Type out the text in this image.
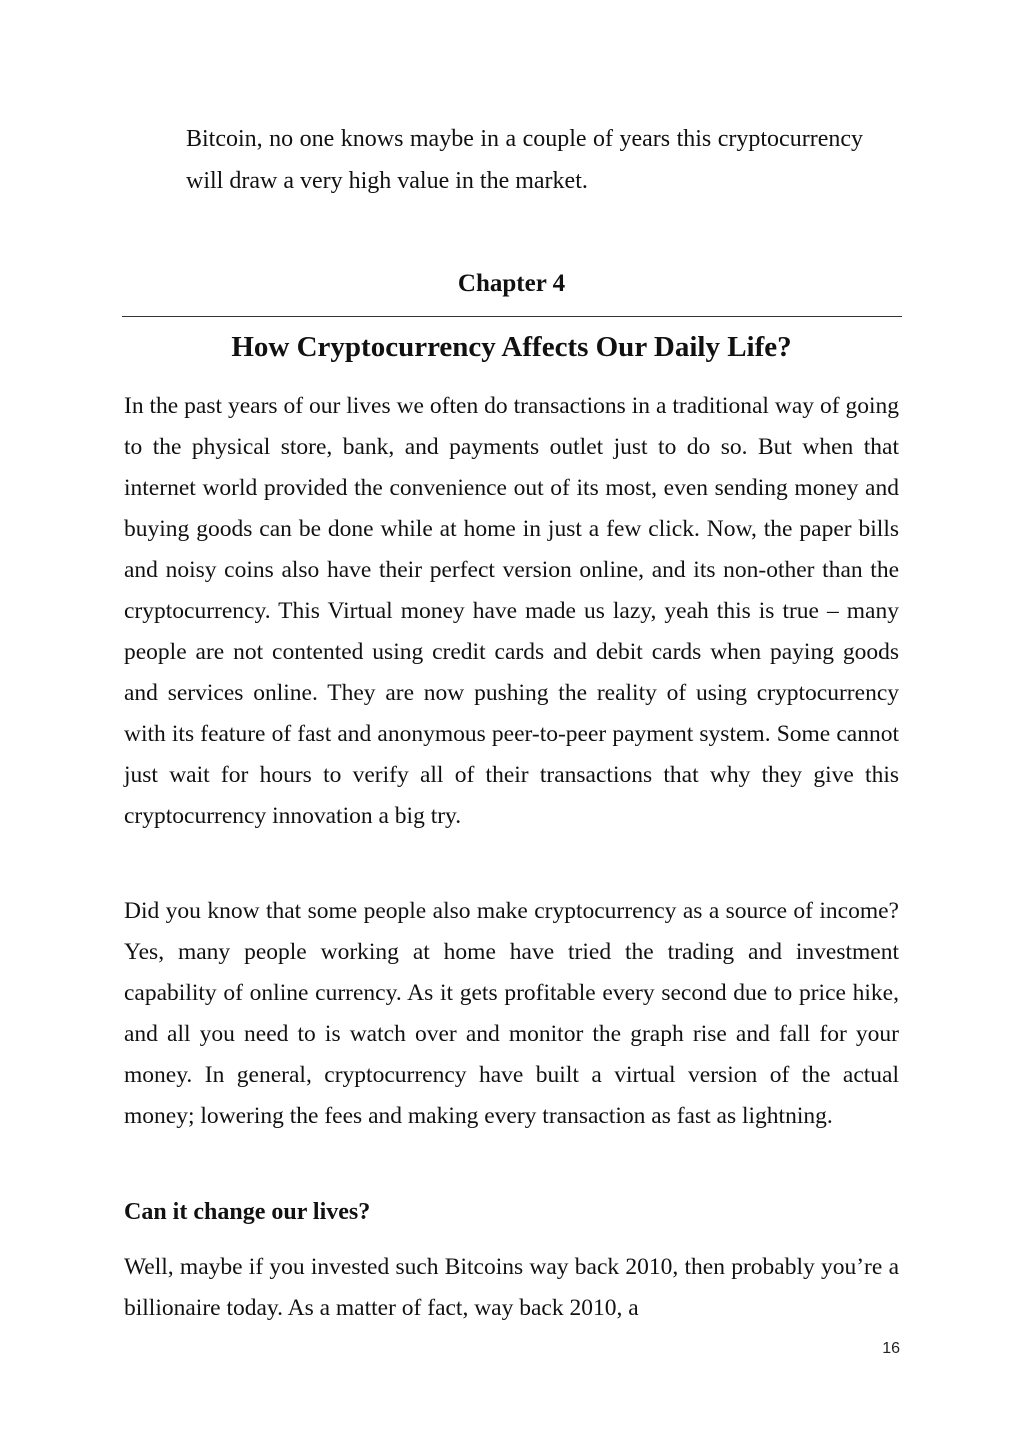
Bitcoin, no one knows maybe in a couple of years this cryptocurrency will draw a very high value in the market.

Chapter 4
How Cryptocurrency Affects Our Daily Life?

In the past years of our lives we often do transactions in a traditional way of going to the physical store, bank, and payments outlet just to do so. But when that internet world provided the convenience out of its most, even sending money and buying goods can be done while at home in just a few click. Now, the paper bills and noisy coins also have their perfect version online, and its non-other than the cryptocurrency. This Virtual money have made us lazy, yeah this is true – many people are not contented using credit cards and debit cards when paying goods and services online. They are now pushing the reality of using cryptocurrency with its feature of fast and anonymous peer-to-peer payment system. Some cannot just wait for hours to verify all of their transactions that why they give this cryptocurrency innovation a big try.

Did you know that some people also make cryptocurrency as a source of income? Yes, many people working at home have tried the trading and investment capability of online currency. As it gets profitable every second due to price hike, and all you need to is watch over and monitor the graph rise and fall for your money. In general, cryptocurrency have built a virtual version of the actual money; lowering the fees and making every transaction as fast as lightning.

Can it change our lives?

Well, maybe if you invested such Bitcoins way back 2010, then probably you’re a billionaire today. As a matter of fact, way back 2010, a

16
